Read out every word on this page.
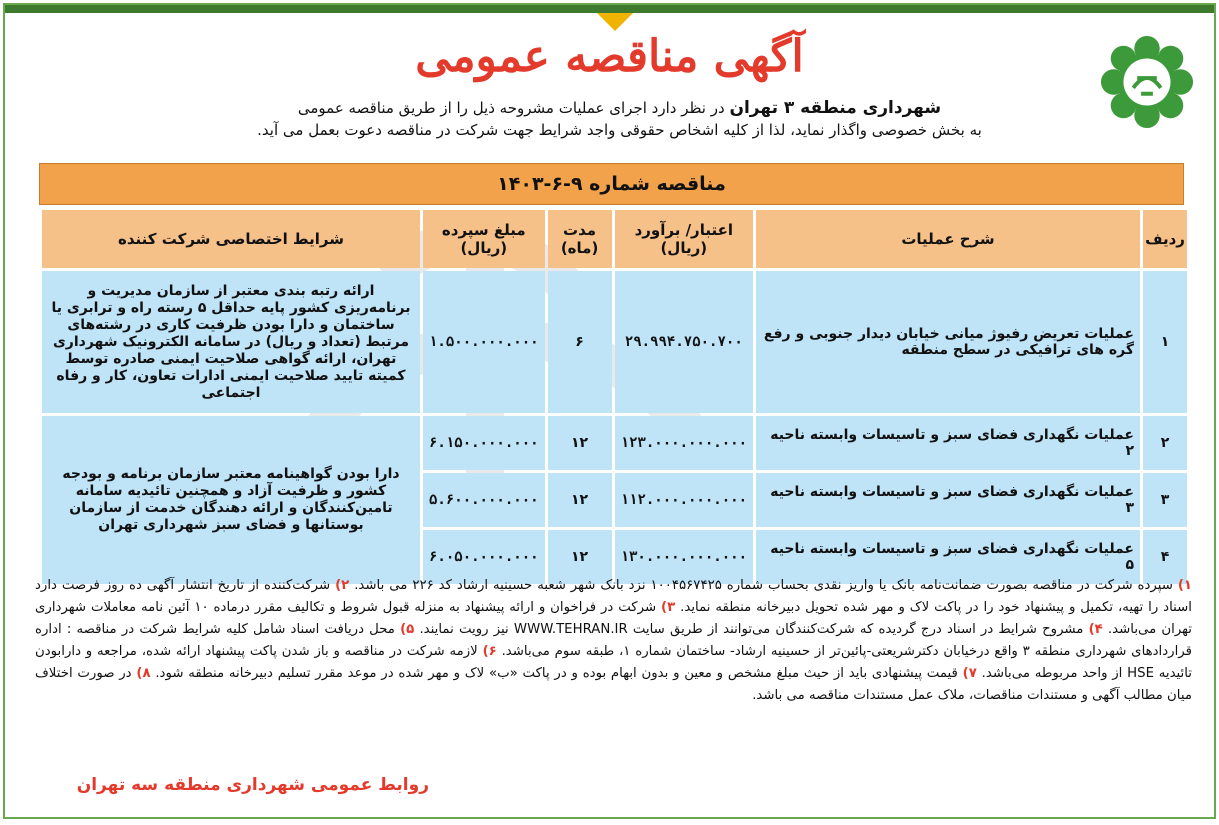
آگهی مناقصه عمومی
شهرداری منطقه ۳ تهران در نظر دارد اجرای عملیات مشروحه ذیل را از طریق مناقصه عمومی
به بخش خصوصی واگذار نماید، لذا از کلیه اشخاص حقوقی واجد شرایط جهت شرکت در مناقصه دعوت بعمل می آید.
مناقصه شماره ۹-۶-۱۴۰۳
ردیف	شرح عملیات	اعتبار/ برآورد (ریال)	مدت (ماه)	مبلغ سپرده (ریال)	شرایط اختصاصی شرکت کننده
۱	عملیات تعریض رفیوژ میانی خیابان دیدار جنوبی و رفع گره های ترافیکی در سطح منطقه	۲۹.۹۹۴.۷۵۰.۷۰۰	۶	۱.۵۰۰.۰۰۰.۰۰۰	ارائه رتبه بندی معتبر از سازمان مدیریت و برنامه‌ریزی کشور پایه حداقل ۵ رسته راه و ترابری یا ساختمان و دارا بودن ظرفیت کاری در رشته‌های مرتبط (تعداد و ریال) در سامانه الکترونیک شهرداری تهران، ارائه گواهی صلاحیت ایمنی صادره توسط کمیته تایید صلاحیت ایمنی ادارات تعاون، کار و رفاه اجتماعی
۲	عملیات نگهداری فضای سبز و تاسیسات وابسته ناحیه ۲	۱۲۳.۰۰۰.۰۰۰.۰۰۰	۱۲	۶.۱۵۰.۰۰۰.۰۰۰	دارا بودن گواهینامه معتبر سازمان برنامه و بودجه کشور و ظرفیت آزاد و همچنین تائیدیه سامانه تامین‌کنندگان و ارائه دهندگان خدمت از سازمان بوستانها و فضای سبز شهرداری تهران
۳	عملیات نگهداری فضای سبز و تاسیسات وابسته ناحیه ۳	۱۱۲.۰۰۰.۰۰۰.۰۰۰	۱۲	۵.۶۰۰.۰۰۰.۰۰۰	
۴	عملیات نگهداری فضای سبز و تاسیسات وابسته ناحیه ۵	۱۳۰.۰۰۰.۰۰۰.۰۰۰	۱۲	۶.۰۵۰.۰۰۰.۰۰۰	
۱) سپرده شرکت در مناقصه بصورت ضمانت‌نامه بانک یا واریز نقدی بحساب شماره ۱۰۰۴۵۶۷۴۲۵ نزد بانک شهر شعبه حسینیه ارشاد کد ۲۲۶ می باشد. ۲) شرکت‌کننده از تاریخ انتشار آگهی ده روز فرصت دارد اسناد را تهیه، تکمیل و پیشنهاد خود را در پاکت لاک و مهر شده تحویل دبیرخانه منطقه نماید. ۳) شرکت در فراخوان و ارائه پیشنهاد به منزله قبول شروط و تکالیف مقرر درماده ۱۰ آئین نامه معاملات شهرداری تهران می‌باشد. ۴) مشروح شرایط در اسناد درج گردیده که شرکت‌کنندگان می‌توانند از طریق سایت WWW.TEHRAN.IR نیز رویت نمایند. ۵) محل دریافت اسناد شامل کلیه شرایط شرکت در مناقصه : اداره قراردادهای شهرداری منطقه ۳ واقع درخیابان دکترشریعتی-پائین‌تر از حسینیه ارشاد- ساختمان شماره ۱، طبقه سوم می‌باشد. ۶) لازمه شرکت در مناقصه و باز شدن پاکت پیشنهاد ارائه شده، مراجعه و دارابودن تائیدیه HSE از واحد مربوطه می‌باشد. ۷) قیمت پیشنهادی باید از حیث مبلغ مشخص و معین و بدون ابهام بوده و در پاکت «ب» لاک و مهر شده در موعد مقرر تسلیم دبیرخانه منطقه شود. ۸) در صورت اختلاف میان مطالب آگهی و مستندات مناقصات، ملاک عمل مستندات مناقصه می باشد.
روابط عمومی شهرداری منطقه سه تهران
